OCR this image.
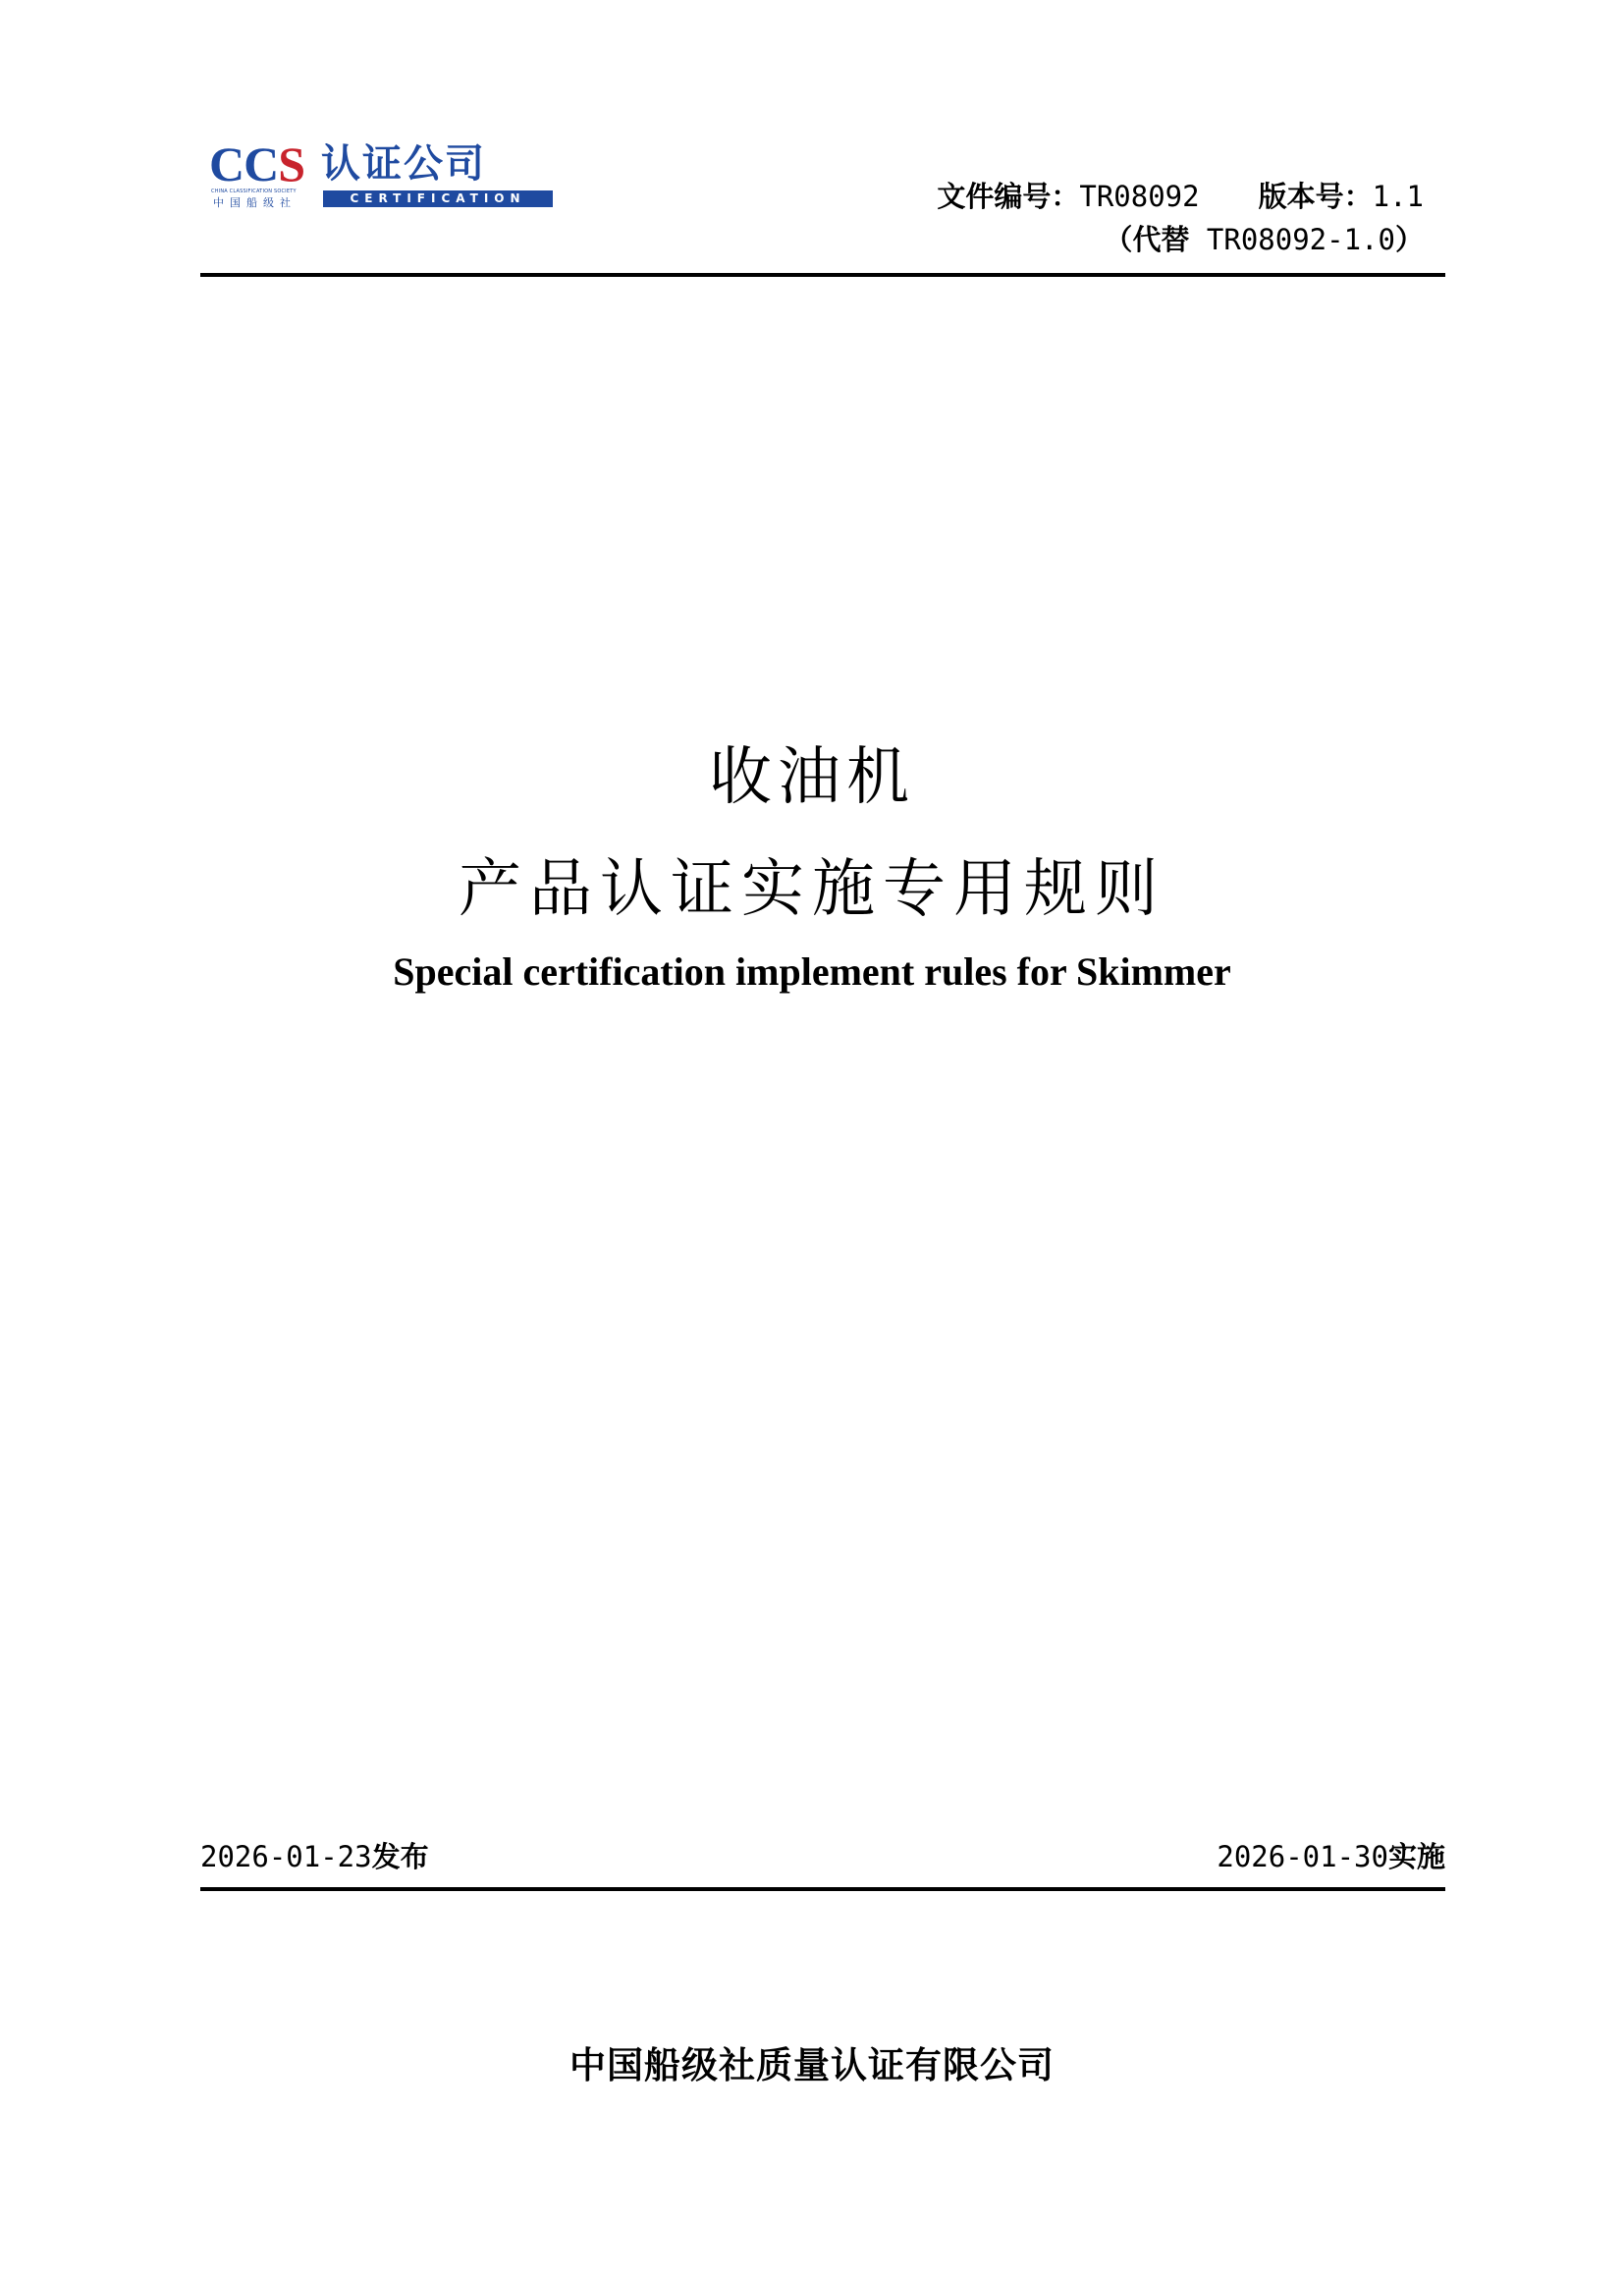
CCS
CHINA CLASSIFICATION SOCIETY
中国船级社
认证公司
CERTIFICATION	文件编号：TR08092 版本号：1.1
（代替 TR08092-1.0）
收油机
产品认证实施专用规则
Special certification implement rules for Skimmer
2026-01-23发布	2026-01-30实施
中国船级社质量认证有限公司
